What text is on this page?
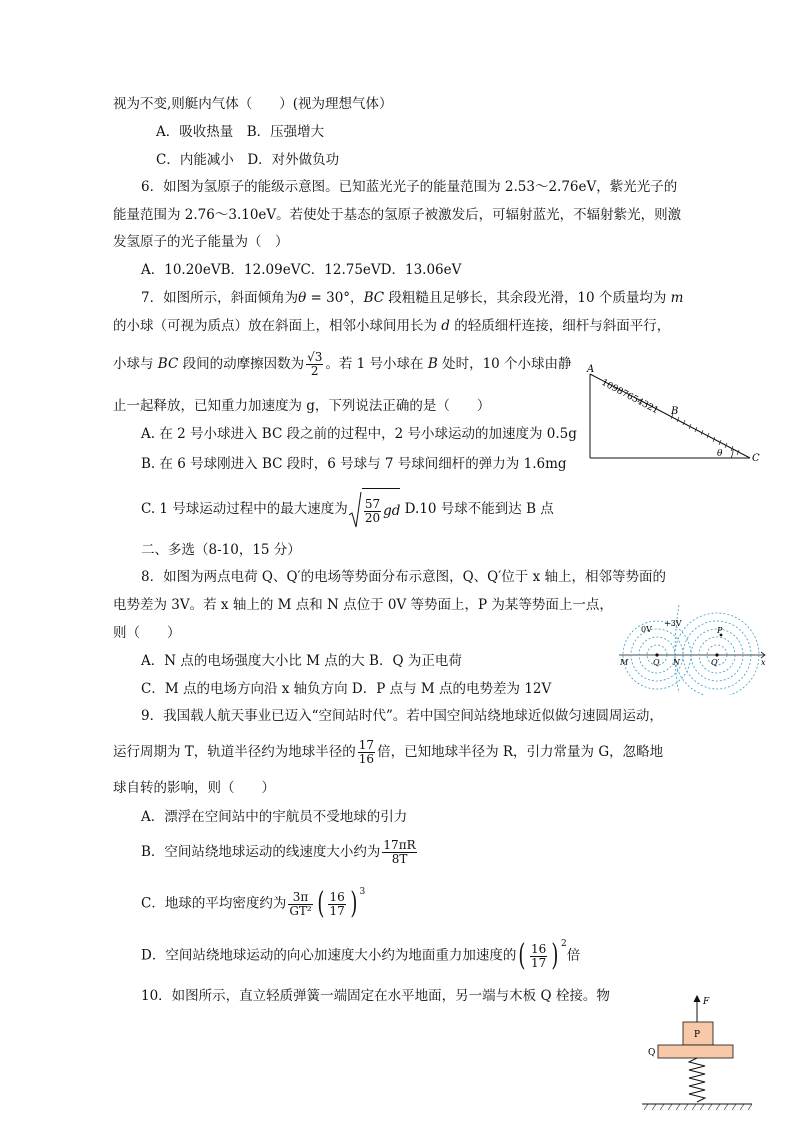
视为不变,则艇内气体（　　）(视为理想气体）
A．吸收热量　B．压强增大
C．内能减小　D．对外做负功
6．如图为氢原子的能级示意图。已知蓝光光子的能量范围为 2.53～2.76eV，紫光光子的
能量范围为 2.76～3.10eV。若使处于基态的氢原子被激发后，可辐射蓝光，不辐射紫光，则激
发氢原子的光子能量为（　）
A．10.20eVB．12.09eVC．12.75eVD．13.06eV
7．如图所示，斜面倾角为θ = 30°，BC 段粗糙且足够长，其余段光滑，10 个质量均为 m
的小球（可视为质点）放在斜面上，相邻小球间用长为 d 的轻质细杆连接，细杆与斜面平行，
小球与 BC 段间的动摩擦因数为 $\frac{√3}{2}$ 。若 1 号小球在 B 处时，10 个小球由静
止一起释放，已知重力加速度为 g，下列说法正确的是（　　）
A. 在 2 号小球进入 BC 段之前的过程中，2 号小球运动的加速度为 0.5g
B. 在 6 号球刚进入 BC 段时，6 号球与 7 号球间细杆的弹力为 1.6mg
C. 1 号球运动过程中的最大速度为 $\frac{57}{20}$ gd D.10 号球不能到达 B 点
二、多选（8-10，15 分）
8．如图为两点电荷 Q、Q′的电场等势面分布示意图，Q、Q′位于 x 轴上，相邻等势面的
电势差为 3V。若 x 轴上的 M 点和 N 点位于 0V 等势面上，P 为某等势面上一点，
则（　　）
A．N 点的电场强度大小比 M 点的大 B．Q 为正电荷
C．M 点的电场方向沿 x 轴负方向 D．P 点与 M 点的电势差为 12V
9．我国载人航天事业已迈入“空间站时代”。若中国空间站绕地球近似做匀速圆周运动，
运行周期为 T，轨道半径约为地球半径的 $\frac{17}{16}$ 倍，已知地球半径为 R，引力常量为 G，忽略地
球自转的影响，则（　　）
A．漂浮在空间站中的宇航员不受地球的引力
B．空间站绕地球运动的线速度大小约为 $\frac{17\pi R}{8T}$
C．地球的平均密度约为 $\frac{3\pi}{\text{GT²}}$ ( $\frac{16}{17}$ ) $^3$
D．空间站绕地球运动的向心加速度大小约为地面重力加速度的( $\frac{16}{17}$ ) $^2$倍
10．如图所示，直立轻质弹簧一端固定在水平地面，另一端与木板 Q 栓接。物
A
10987654321 B
θ	C
0V
+3V
P
M	Q N	Q′	x
F
P
Q
